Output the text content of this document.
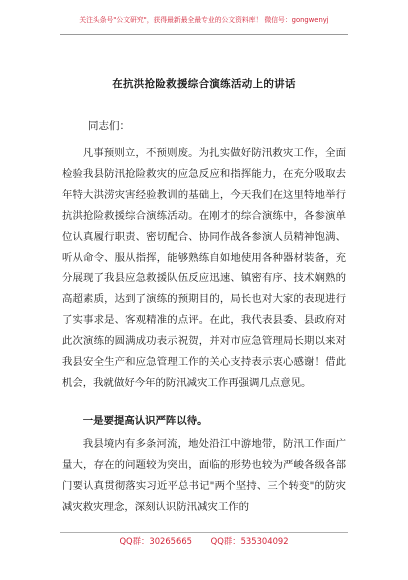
关注头条号"公文研究"，获得最新最全最专业的公文资料库！ 微信号：gongwenyj
在抗洪抢险救援综合演练活动上的讲话
同志们：

凡事预则立，不预则废。为扎实做好防汛救灾工作，全面检验我县防汛抢险救灾的应急反应和指挥能力，在充分吸取去年特大洪涝灾害经验教训的基础上，今天我们在这里特地举行抗洪抢险救援综合演练活动。在刚才的综合演练中，各参演单位认真履行职责、密切配合、协同作战各参演人员精神饱满、听从命令、服从指挥，能够熟练自如地使用各种器材装备，充分展现了我县应急救援队伍反应迅速、镇密有序、技术娴熟的高超素质，达到了演练的预期目的，局长也对大家的表现进行了实事求是、客观精准的点评。在此，我代表县委、县政府对此次演练的圆满成功表示祝贺，并对市应急管理局长期以来对我县安全生产和应急管理工作的关心支持表示衷心感谢！借此机会，我就做好今年的防汛减灾工作再强调几点意见。

一是要提高认识严阵以待。

我县境内有多条河流，地处沿江中游地带，防汛工作面广量大，存在的问题较为突出，面临的形势也较为严峻各级各部门要认真贯彻落实习近平总书记"两个坚持、三个转变"的防灾减灾救灾理念，深刻认识防汛减灾工作的

QQ群：30265665 QQ群：535304092
